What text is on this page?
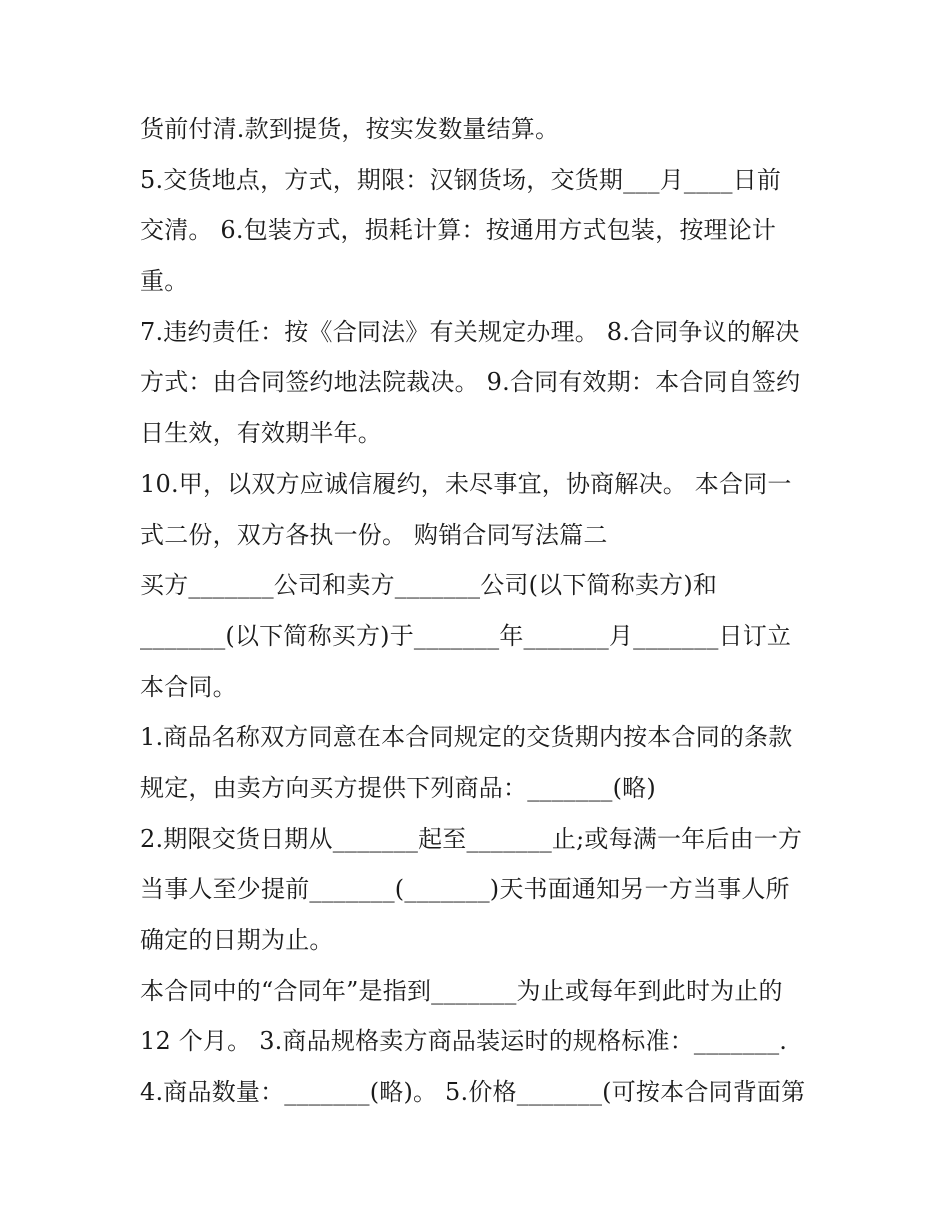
货前付清.款到提货，按实发数量结算。
5.交货地点，方式，期限：汉钢货场，交货期___月____日前
交清。 6.包装方式，损耗计算：按通用方式包装，按理论计
重。
7.违约责任：按《合同法》有关规定办理。 8.合同争议的解决
方式：由合同签约地法院裁决。 9.合同有效期：本合同自签约
日生效，有效期半年。
10.甲，以双方应诚信履约，未尽事宜，协商解决。 本合同一
式二份，双方各执一份。 购销合同写法篇二
买方_______公司和卖方_______公司(以下简称卖方)和
_______(以下简称买方)于_______年_______月_______日订立
本合同。
1.商品名称双方同意在本合同规定的交货期内按本合同的条款
规定，由卖方向买方提供下列商品：_______(略)
2.期限交货日期从_______起至_______止;或每满一年后由一方
当事人至少提前_______(_______)天书面通知另一方当事人所
确定的日期为止。
本合同中的“合同年”是指到_______为止或每年到此时为止的
12 个月。 3.商品规格卖方商品装运时的规格标准：_______.
4.商品数量：_______(略)。 5.价格_______(可按本合同背面第
